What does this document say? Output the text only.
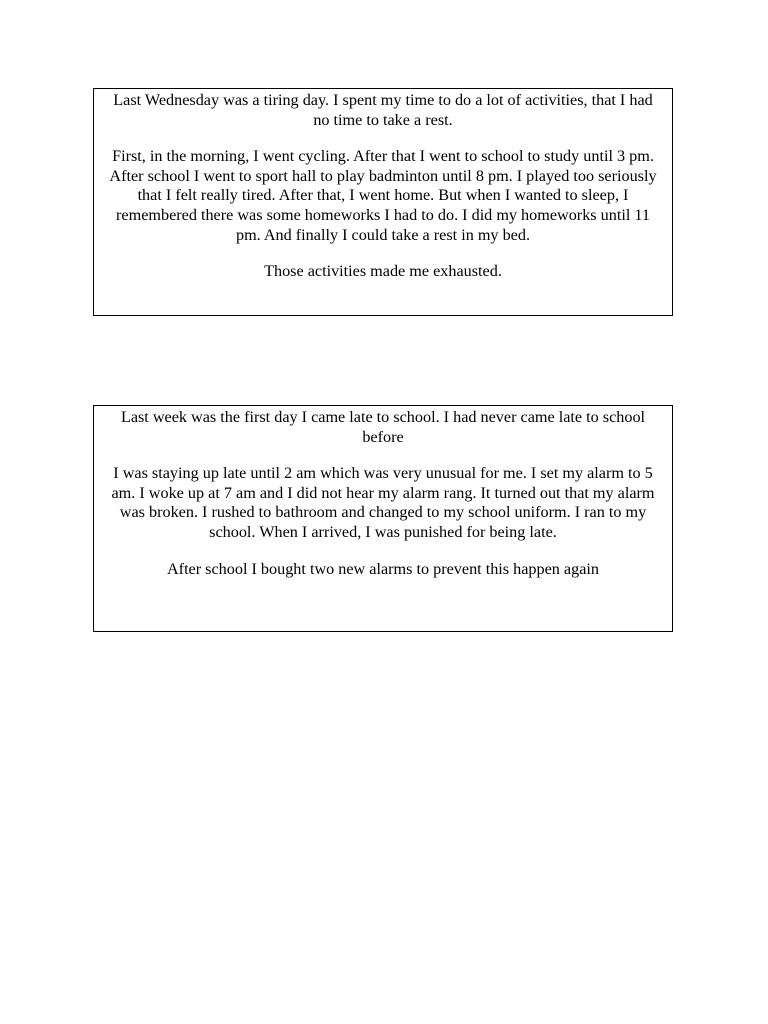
Last Wednesday was a tiring day. I spent my time to do a lot of activities, that I had no time to take a rest.

First, in the morning, I went cycling. After that I went to school to study until 3 pm. After school I went to sport hall to play badminton until 8 pm. I played too seriously that I felt really tired. After that, I went home. But when I wanted to sleep, I remembered there was some homeworks I had to do. I did my homeworks until 11 pm. And finally I could take a rest in my bed.

Those activities made me exhausted.

Last week was the first day I came late to school. I had never came late to school before

I was staying up late until 2 am which was very unusual for me. I set my alarm to 5 am. I woke up at 7 am and I did not hear my alarm rang. It turned out that my alarm was broken. I rushed to bathroom and changed to my school uniform. I ran to my school. When I arrived, I was punished for being late.

After school I bought two new alarms to prevent this happen again
